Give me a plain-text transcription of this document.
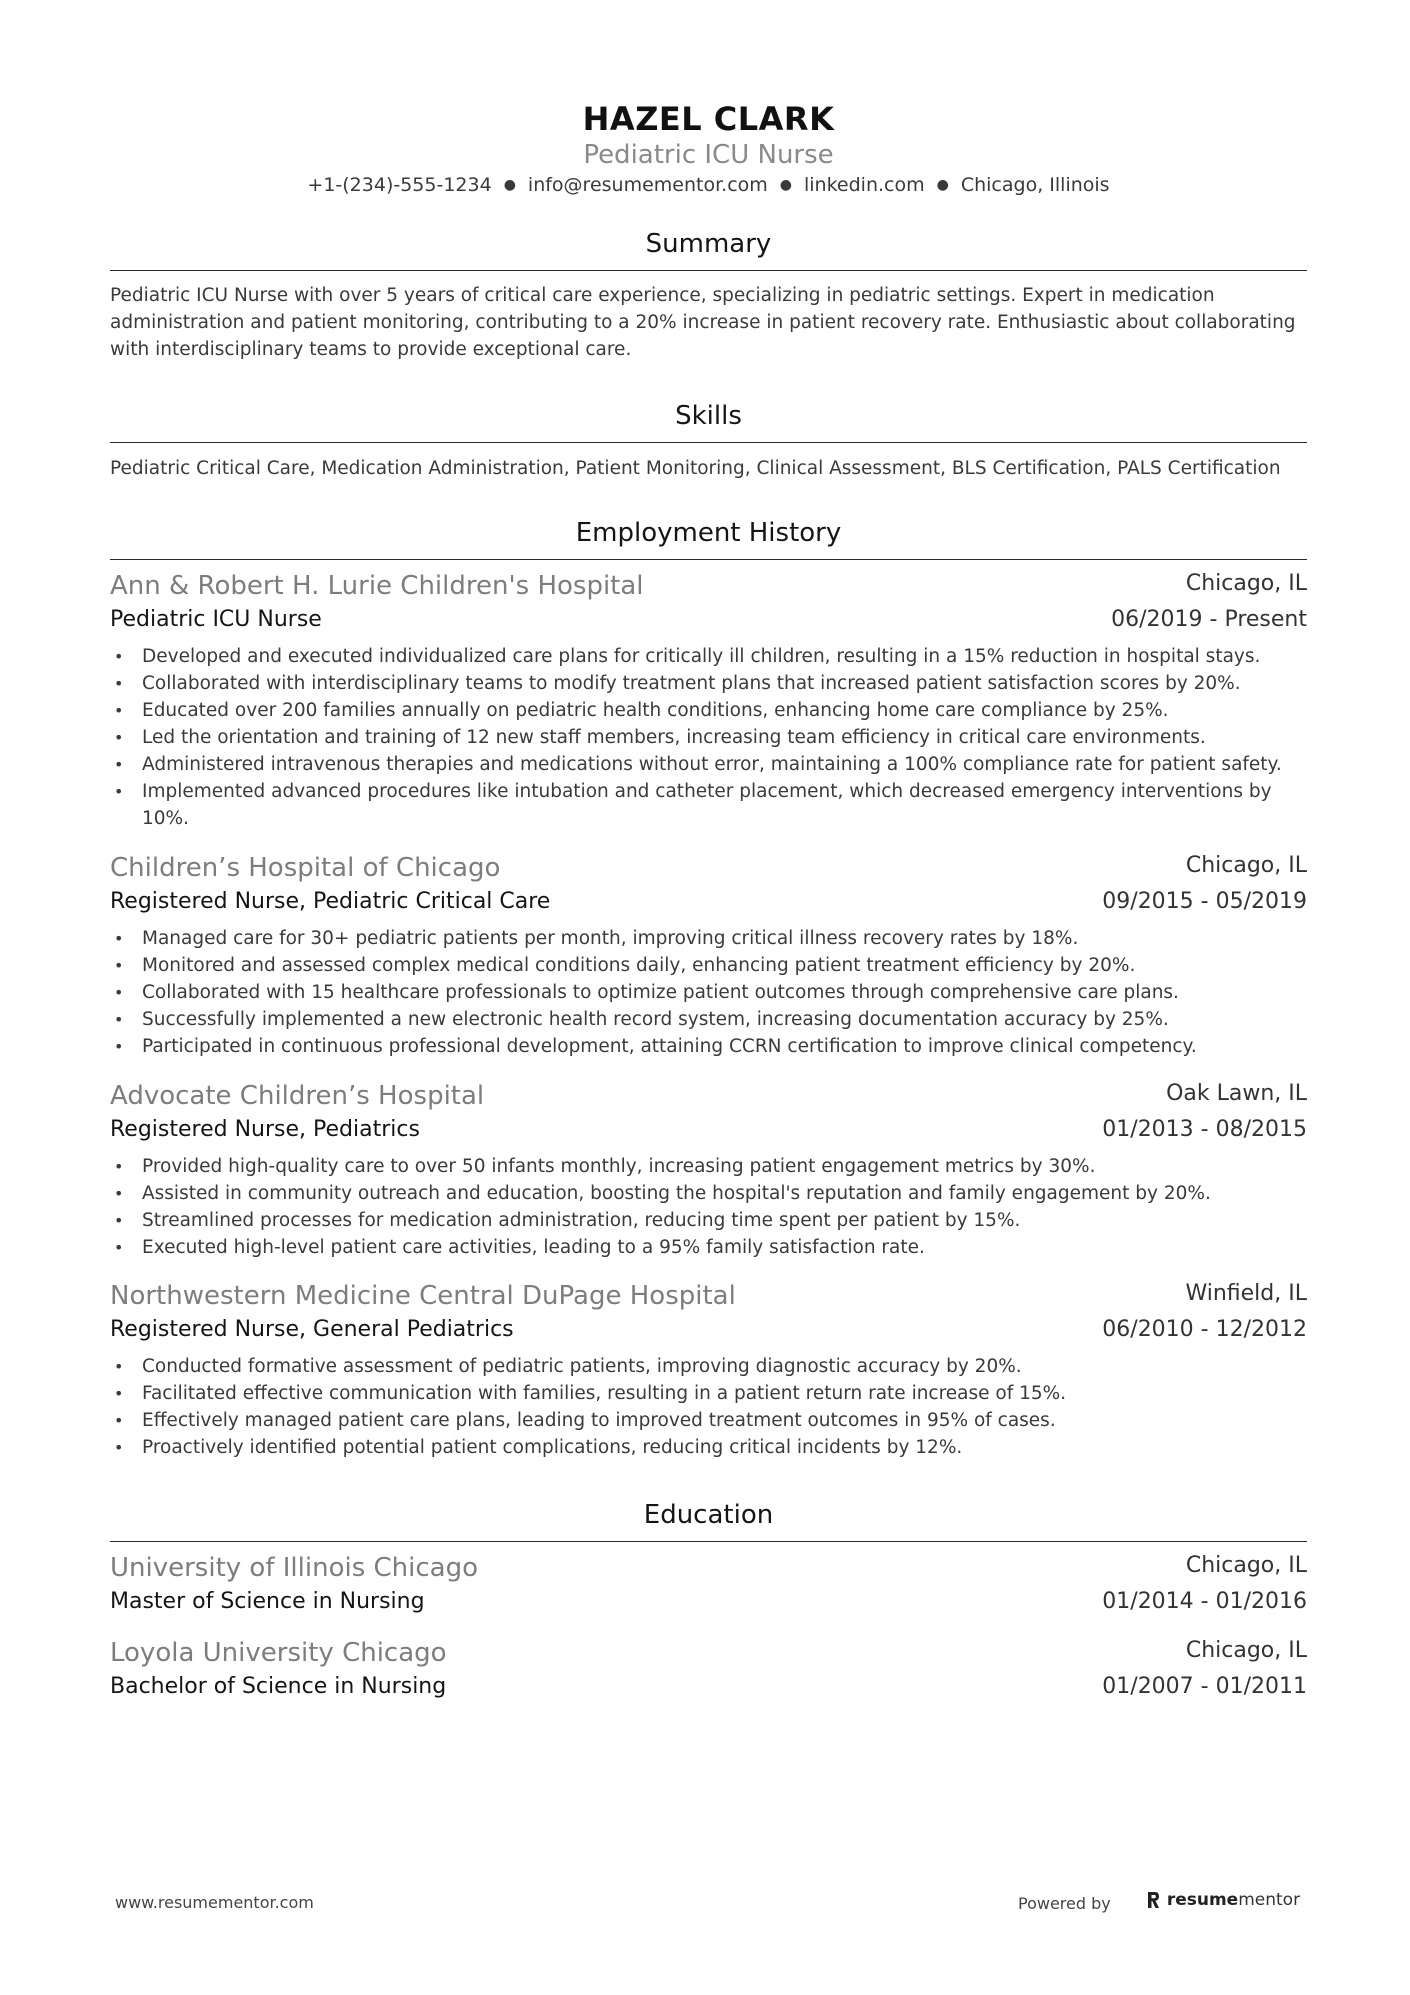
HAZEL CLARK
Pediatric ICU Nurse
+1-(234)-555-1234 ● info@resumementor.com ● linkedin.com ● Chicago, Illinois
Summary
Pediatric ICU Nurse with over 5 years of critical care experience, specializing in pediatric settings. Expert in medication
administration and patient monitoring, contributing to a 20% increase in patient recovery rate. Enthusiastic about collaborating
with interdisciplinary teams to provide exceptional care.
Skills
Pediatric Critical Care, Medication Administration, Patient Monitoring, Clinical Assessment, BLS Certification, PALS Certification
Employment History
Ann & Robert H. Lurie Children's Hospital	Chicago, IL
Pediatric ICU Nurse	06/2019 - Present
• Developed and executed individualized care plans for critically ill children, resulting in a 15% reduction in hospital stays.
• Collaborated with interdisciplinary teams to modify treatment plans that increased patient satisfaction scores by 20%.
• Educated over 200 families annually on pediatric health conditions, enhancing home care compliance by 25%.
• Led the orientation and training of 12 new staff members, increasing team efficiency in critical care environments.
• Administered intravenous therapies and medications without error, maintaining a 100% compliance rate for patient safety.
• Implemented advanced procedures like intubation and catheter placement, which decreased emergency interventions by 10%.
Children’s Hospital of Chicago	Chicago, IL
Registered Nurse, Pediatric Critical Care	09/2015 - 05/2019
• Managed care for 30+ pediatric patients per month, improving critical illness recovery rates by 18%.
• Monitored and assessed complex medical conditions daily, enhancing patient treatment efficiency by 20%.
• Collaborated with 15 healthcare professionals to optimize patient outcomes through comprehensive care plans.
• Successfully implemented a new electronic health record system, increasing documentation accuracy by 25%.
• Participated in continuous professional development, attaining CCRN certification to improve clinical competency.
Advocate Children’s Hospital	Oak Lawn, IL
Registered Nurse, Pediatrics	01/2013 - 08/2015
• Provided high-quality care to over 50 infants monthly, increasing patient engagement metrics by 30%.
• Assisted in community outreach and education, boosting the hospital's reputation and family engagement by 20%.
• Streamlined processes for medication administration, reducing time spent per patient by 15%.
• Executed high-level patient care activities, leading to a 95% family satisfaction rate.
Northwestern Medicine Central DuPage Hospital	Winfield, IL
Registered Nurse, General Pediatrics	06/2010 - 12/2012
• Conducted formative assessment of pediatric patients, improving diagnostic accuracy by 20%.
• Facilitated effective communication with families, resulting in a patient return rate increase of 15%.
• Effectively managed patient care plans, leading to improved treatment outcomes in 95% of cases.
• Proactively identified potential patient complications, reducing critical incidents by 12%.
Education
University of Illinois Chicago	Chicago, IL
Master of Science in Nursing	01/2014 - 01/2016
Loyola University Chicago	Chicago, IL
Bachelor of Science in Nursing	01/2007 - 01/2011
www.resumementor.com	Powered by	resume mentor
